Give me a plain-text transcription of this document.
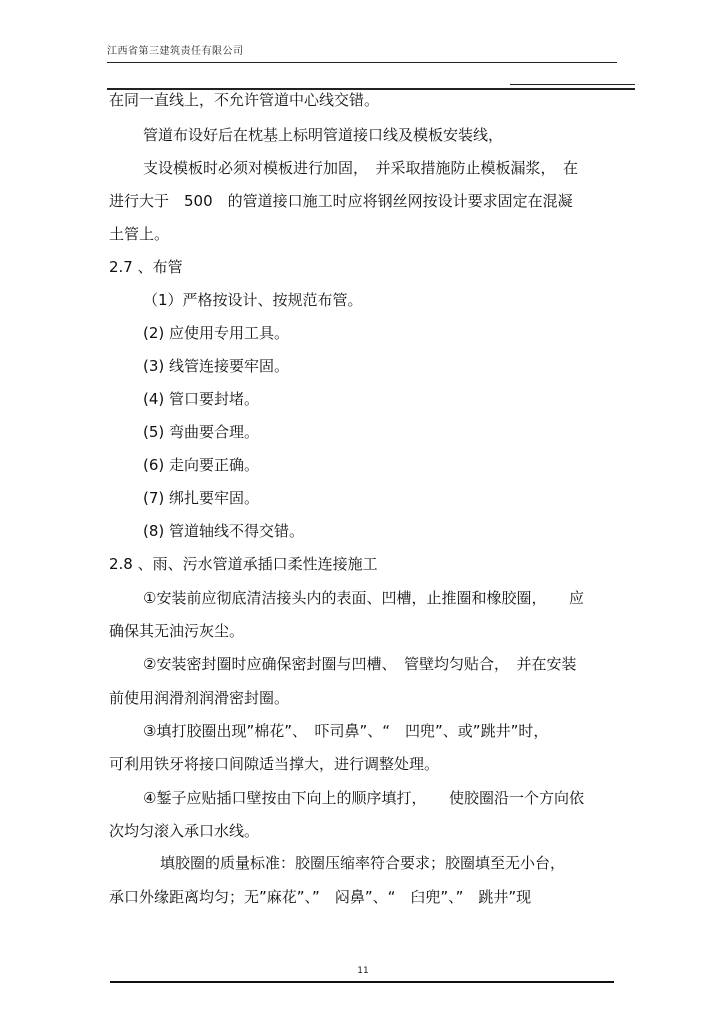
江西省第三建筑责任有限公司
在同一直线上，不允许管道中心线交错。
管道布设好后在枕基上标明管道接口线及模板安装线，
支设模板时必须对模板进行加固，　并采取措施防止模板漏浆，　在
进行大于　500　的管道接口施工时应将钢丝网按设计要求固定在混凝
土管上。
2.7 、布管
（1）严格按设计、按规范布管。
(2) 应使用专用工具。
(3) 线管连接要牢固。
(4) 管口要封堵。
(5) 弯曲要合理。
(6) 走向要正确。
(7) 绑扎要牢固。
(8) 管道轴线不得交错。
2.8 、雨、污水管道承插口柔性连接施工
①安装前应彻底清洁接头内的表面、凹槽，止推圈和橡胶圈，　　应
确保其无油污灰尘。
②安装密封圈时应确保密封圈与凹槽、　管壁均匀贴合，　并在安装
前使用润滑剂润滑密封圈。
③填打胶圈出现”棉花”、　吓司鼻”、“　凹兜”、或”跳井”时，
可利用铁牙将接口间隙适当撑大，进行调整处理。
④錾子应贴插口壁按由下向上的顺序填打，　　使胶圈沿一个方向依
次均匀滚入承口水线。
填胶圈的质量标准：胶圈压缩率符合要求；胶圈填至无小台，
承口外缘距离均匀；无”麻花”、”　闷鼻”、“　臼兜”、”　跳井”现
11
